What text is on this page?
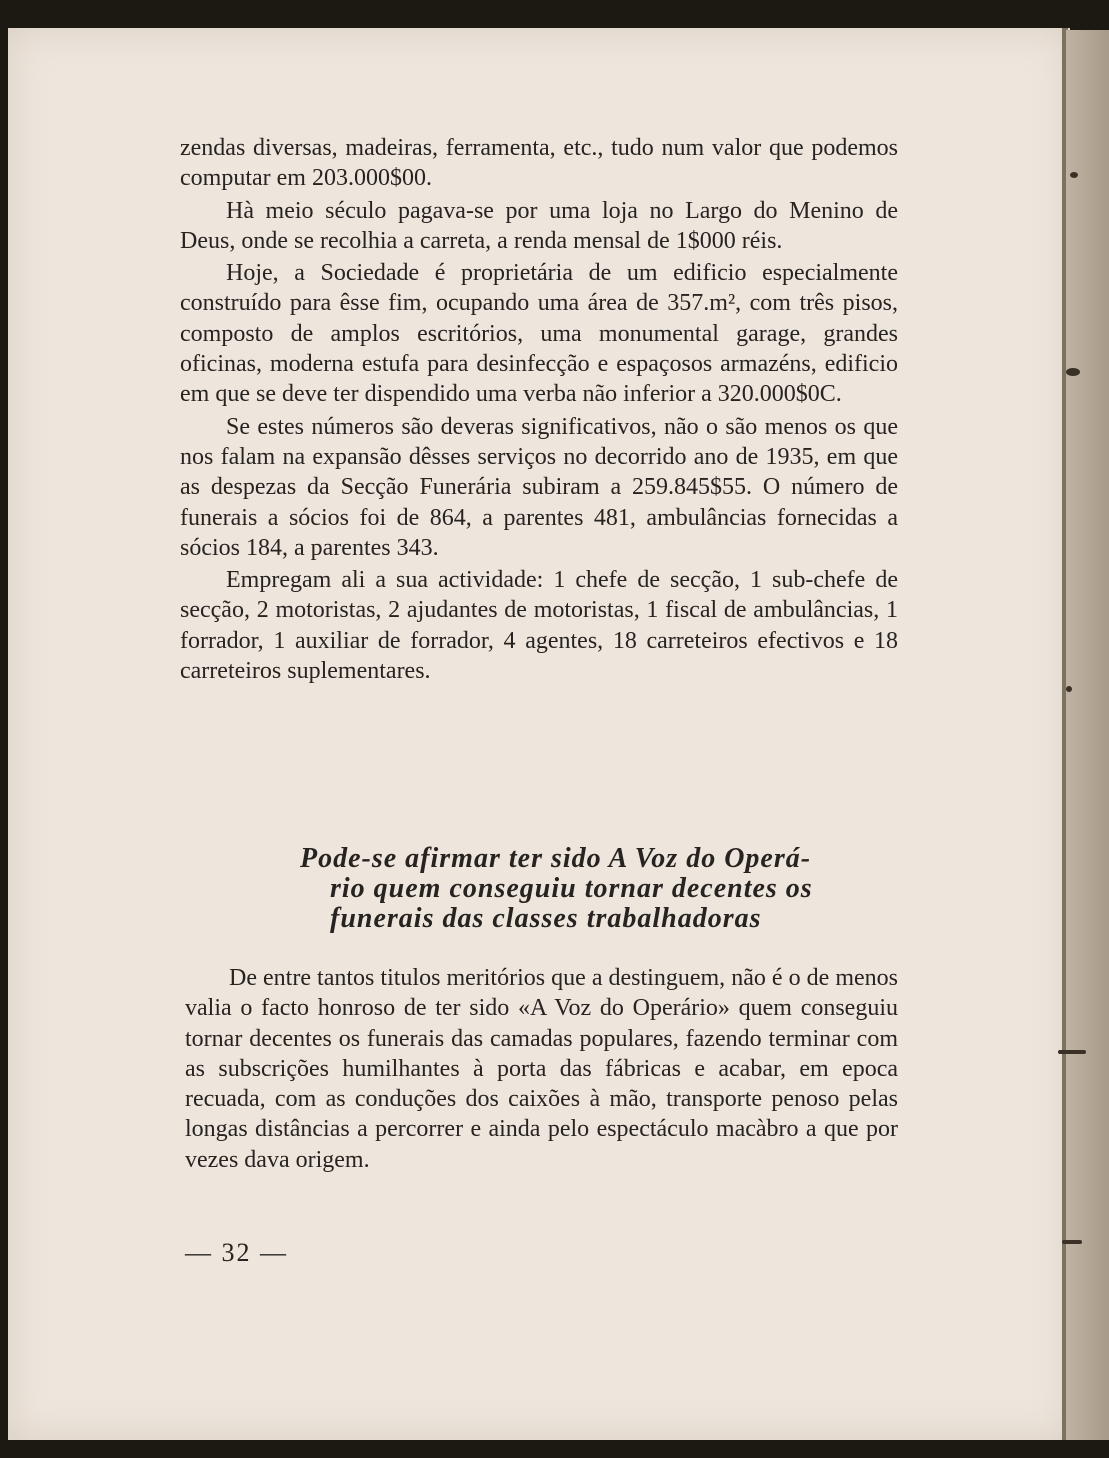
zendas diversas, madeiras, ferramenta, etc., tudo num valor que podemos computar em 203.000$00.

Hà meio século pagava-se por uma loja no Largo do Menino de Deus, onde se recolhia a carreta, a renda mensal de 1$000 réis.

Hoje, a Sociedade é proprietária de um edificio especialmente construído para êsse fim, ocupando uma área de 357.m², com três pisos, composto de amplos escritórios, uma monumental garage, grandes oficinas, moderna estufa para desinfecção e espaçosos armazéns, edificio em que se deve ter dispendido uma verba não inferior a 320.000$0C.

Se estes números são deveras significativos, não o são menos os que nos falam na expansão dêsses serviços no decorrido ano de 1935, em que as despezas da Secção Funerária subiram a 259.845$55. O número de funerais a sócios foi de 864, a parentes 481, ambulâncias fornecidas a sócios 184, a parentes 343.

Empregam ali a sua actividade: 1 chefe de secção, 1 sub-chefe de secção, 2 motoristas, 2 ajudantes de motoristas, 1 fiscal de ambulâncias, 1 forrador, 1 auxiliar de forrador, 4 agentes, 18 carreteiros efectivos e 18 carreteiros suplementares.

Pode-se afirmar ter sido A Voz do Operá-
rio quem conseguiu tornar decentes os
funerais das classes trabalhadoras

De entre tantos titulos meritórios que a destinguem, não é o de menos valia o facto honroso de ter sido «A Voz do Operário» quem conseguiu tornar decentes os funerais das camadas populares, fazendo terminar com as subscrições humilhantes à porta das fábricas e acabar, em epoca recuada, com as conduções dos caixões à mão, transporte penoso pelas longas distâncias a percorrer e ainda pelo espectáculo macàbro a que por vezes dava origem.

— 32 —
